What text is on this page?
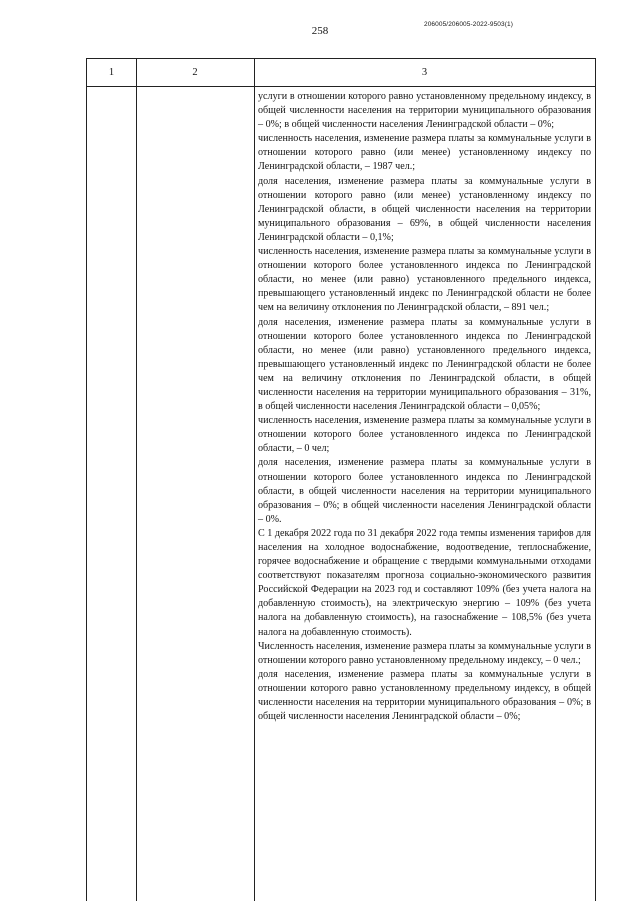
258
206005/206005-2022-9503(1)
1	2	3

услуги в отношении которого равно установленному предельному индексу, в общей численности населения на территории муниципального образования – 0%; в общей численности населения Ленинградской области – 0%;

численность населения, изменение размера платы за коммунальные услуги в отношении которого равно (или менее) установленному индексу по Ленинградской области, – 1987 чел.;

доля населения, изменение размера платы за коммунальные услуги в отношении которого равно (или менее) установленному индексу по Ленинградской области, в общей численности населения на территории муниципального образования – 69%, в общей численности населения Ленинградской области – 0,1%;

численность населения, изменение размера платы за коммунальные услуги в отношении которого более установленного индекса по Ленинградской области, но менее (или равно) установленного предельного индекса, превышающего установленный индекс по Ленинградской области не более чем на величину отклонения по Ленинградской области, – 891 чел.;

доля населения, изменение размера платы за коммунальные услуги в отношении которого более установленного индекса по Ленинградской области, но менее (или равно) установленного предельного индекса, превышающего установленный индекс по Ленинградской области не более чем на величину отклонения по Ленинградской области, в общей численности населения на территории муниципального образования – 31%, в общей численности населения Ленинградской области – 0,05%;

численность населения, изменение размера платы за коммунальные услуги в отношении которого более установленного индекса по Ленинградской области, – 0 чел;

доля населения, изменение размера платы за коммунальные услуги в отношении которого более установленного индекса по Ленинградской области, в общей численности населения на территории муниципального образования – 0%; в общей численности населения Ленинградской области – 0%.

С 1 декабря 2022 года по 31 декабря 2022 года темпы изменения тарифов для населения на холодное водоснабжение, водоотведение, теплоснабжение, горячее водоснабжение и обращение с твердыми коммунальными отходами соответствуют показателям прогноза социально-экономического развития Российской Федерации на 2023 год и составляют 109% (без учета налога на добавленную стоимость), на электрическую энергию – 109% (без учета налога на добавленную стоимость), на газоснабжение – 108,5% (без учета налога на добавленную стоимость).

Численность населения, изменение размера платы за коммунальные услуги в отношении которого равно установленному предельному индексу, – 0 чел.;

доля населения, изменение размера платы за коммунальные услуги в отношении которого равно установленному предельному индексу, в общей численности населения на территории муниципального образования – 0%; в общей численности населения Ленинградской области – 0%;
